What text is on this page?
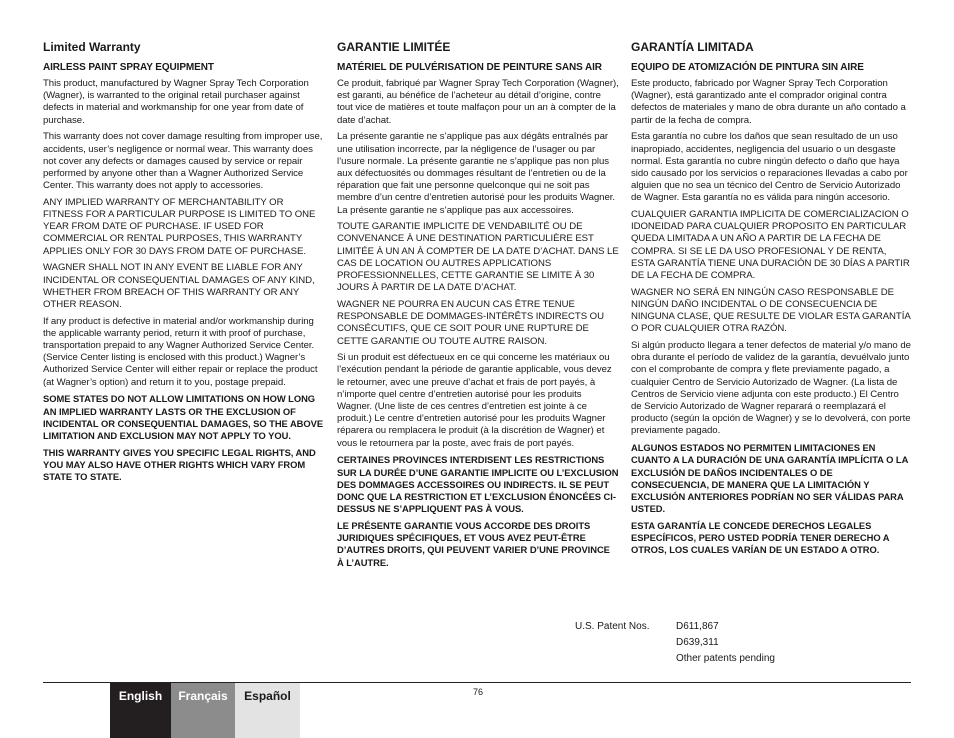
Limited Warranty
AIRLESS PAINT SPRAY EQUIPMENT

This product, manufactured by Wagner Spray Tech Corporation (Wagner), is warranted to the original retail purchaser against defects in material and workmanship for one year from date of purchase.

This warranty does not cover damage resulting from improper use, accidents, user’s negligence or normal wear. This warranty does not cover any defects or damages caused by service or repair performed by anyone other than a Wagner Authorized Service Center. This warranty does not apply to accessories.

ANY IMPLIED WARRANTY OF MERCHANTABILITY OR FITNESS FOR A PARTICULAR PURPOSE IS LIMITED TO ONE YEAR FROM DATE OF PURCHASE. IF USED FOR COMMERCIAL OR RENTAL PURPOSES, THIS WARRANTY APPLIES ONLY FOR 30 DAYS FROM DATE OF PURCHASE.

WAGNER SHALL NOT IN ANY EVENT BE LIABLE FOR ANY INCIDENTAL OR CONSEQUENTIAL DAMAGES OF ANY KIND, WHETHER FROM BREACH OF THIS WARRANTY OR ANY OTHER REASON.

If any product is defective in material and/or workmanship during the applicable warranty period, return it with proof of purchase, transportation prepaid to any Wagner Authorized Service Center. (Service Center listing is enclosed with this product.) Wagner’s Authorized Service Center will either repair or replace the product (at Wagner’s option) and return it to you, postage prepaid.

SOME STATES DO NOT ALLOW LIMITATIONS ON HOW LONG AN IMPLIED WARRANTY LASTS OR THE EXCLUSION OF INCIDENTAL OR CONSEQUENTIAL DAMAGES, SO THE ABOVE LIMITATION AND EXCLUSION MAY NOT APPLY TO YOU.

THIS WARRANTY GIVES YOU SPECIFIC LEGAL RIGHTS, AND YOU MAY ALSO HAVE OTHER RIGHTS WHICH VARY FROM STATE TO STATE.

GARANTIE LIMITÉE
MATÉRIEL DE PULVÉRISATION DE PEINTURE SANS AIR

Ce produit, fabriqué par Wagner Spray Tech Corporation (Wagner), est garanti, au bénéfice de l’acheteur au détail d’origine, contre tout vice de matières et toute malfaçon pour un an à compter de la date d’achat.

La présente garantie ne s’applique pas aux dégâts entraînés par une utilisation incorrecte, par la négligence de l’usager ou par l’usure normale. La présente garantie ne s’applique pas non plus aux défectuosités ou dommages résultant de l’entretien ou de la réparation que fait une personne quelconque qui ne soit pas membre d’un centre d’entretien autorisé pour les produits Wagner. La présente garantie ne s’applique pas aux accessoires.

TOUTE GARANTIE IMPLICITE DE VENDABILITÉ OU DE CONVENANCE À UNE DESTINATION PARTICULIÈRE EST LIMITÉE À UN AN À COMPTER DE LA DATE D’ACHAT. DANS LE CAS DE LOCATION OU AUTRES APPLICATIONS PROFESSIONNELLES, CETTE GARANTIE SE LIMITE À 30 JOURS À PARTIR DE LA DATE D’ACHAT.

WAGNER NE POURRA EN AUCUN CAS ÊTRE TENUE RESPONSABLE DE DOMMAGES-INTÉRÊTS INDIRECTS OU CONSÉCUTIFS, QUE CE SOIT POUR UNE RUPTURE DE CETTE GARANTIE OU TOUTE AUTRE RAISON.

Si un produit est défectueux en ce qui concerne les matériaux ou l’exécution pendant la période de garantie applicable, vous devez le retourner, avec une preuve d’achat et frais de port payés, à n’importe quel centre d’entretien autorisé pour les produits Wagner. (Une liste de ces centres d’entretien est jointe à ce produit.) Le centre d’entretien autorisé pour les produits Wagner réparera ou remplacera le produit (à la discrétion de Wagner) et vous le retournera par la poste, avec frais de port payés.

CERTAINES PROVINCES INTERDISENT LES RESTRICTIONS SUR LA DURÉE D’UNE GARANTIE IMPLICITE OU L’EXCLUSION DES DOMMAGES ACCESSOIRES OU INDIRECTS. IL SE PEUT DONC QUE LA RESTRICTION ET L’EXCLUSION ÉNONCÉES CI-DESSUS NE S’APPLIQUENT PAS À VOUS.

LE PRÉSENTE GARANTIE VOUS ACCORDE DES DROITS JURIDIQUES SPÉCIFIQUES, ET VOUS AVEZ PEUT-ÊTRE D’AUTRES DROITS, QUI PEUVENT VARIER D’UNE PROVINCE À L’AUTRE.

GARANTÍA LIMITADA
EQUIPO DE ATOMIZACIÓN DE PINTURA SIN AIRE

Este producto, fabricado por Wagner Spray Tech Corporation (Wagner), está garantizado ante el comprador original contra defectos de materiales y mano de obra durante un año contado a partir de la fecha de compra.

Esta garantía no cubre los daños que sean resultado de un uso inapropiado, accidentes, negligencia del usuario o un desgaste normal. Esta garantía no cubre ningún defecto o daño que haya sido causado por los servicios o reparaciones llevadas a cabo por alguien que no sea un técnico del Centro de Servicio Autorizado de Wagner. Esta garantía no es válida para ningún accesorio.

CUALQUIER GARANTIA IMPLICITA DE COMERCIALIZACION O IDONEIDAD PARA CUALQUIER PROPOSITO EN PARTICULAR QUEDA LIMITADA A UN AÑO A PARTIR DE LA FECHA DE COMPRA. SI SE LE DA USO PROFESIONAL Y DE RENTA, ESTA GARANTÍA TIENE UNA DURACIÓN DE 30 DÍAS A PARTIR DE LA FECHA DE COMPRA.

WAGNER NO SERÁ EN NINGÚN CASO RESPONSABLE DE NINGÚN DAÑO INCIDENTAL O DE CONSECUENCIA DE NINGUNA CLASE, QUE RESULTE DE VIOLAR ESTA GARANTÍA O POR CUALQUIER OTRA RAZÓN.

Si algún producto llegara a tener defectos de material y/o mano de obra durante el período de validez de la garantía, devuélvalo junto con el comprobante de compra y flete previamente pagado, a cualquier Centro de Servicio Autorizado de Wagner. (La lista de Centros de Servicio viene adjunta con este producto.) El Centro de Servicio Autorizado de Wagner reparará o reemplazará el producto (según la opción de Wagner) y se lo devolverá, con porte previamente pagado.

ALGUNOS ESTADOS NO PERMITEN LIMITACIONES EN CUANTO A LA DURACIÓN DE UNA GARANTÍA IMPLÍCITA O LA EXCLUSIÓN DE DAÑOS INCIDENTALES O DE CONSECUENCIA, DE MANERA QUE LA LIMITACIÓN Y EXCLUSIÓN ANTERIORES PODRÍAN NO SER VÁLIDAS PARA USTED.

ESTA GARANTÍA LE CONCEDE DERECHOS LEGALES ESPECÍFICOS, PERO USTED PODRÍA TENER DERECHO A OTROS, LOS CUALES VARÍAN DE UN ESTADO A OTRO.

U.S. Patent Nos.	D611,867
D639,311
Other patents pending
76
English	Français	Español
